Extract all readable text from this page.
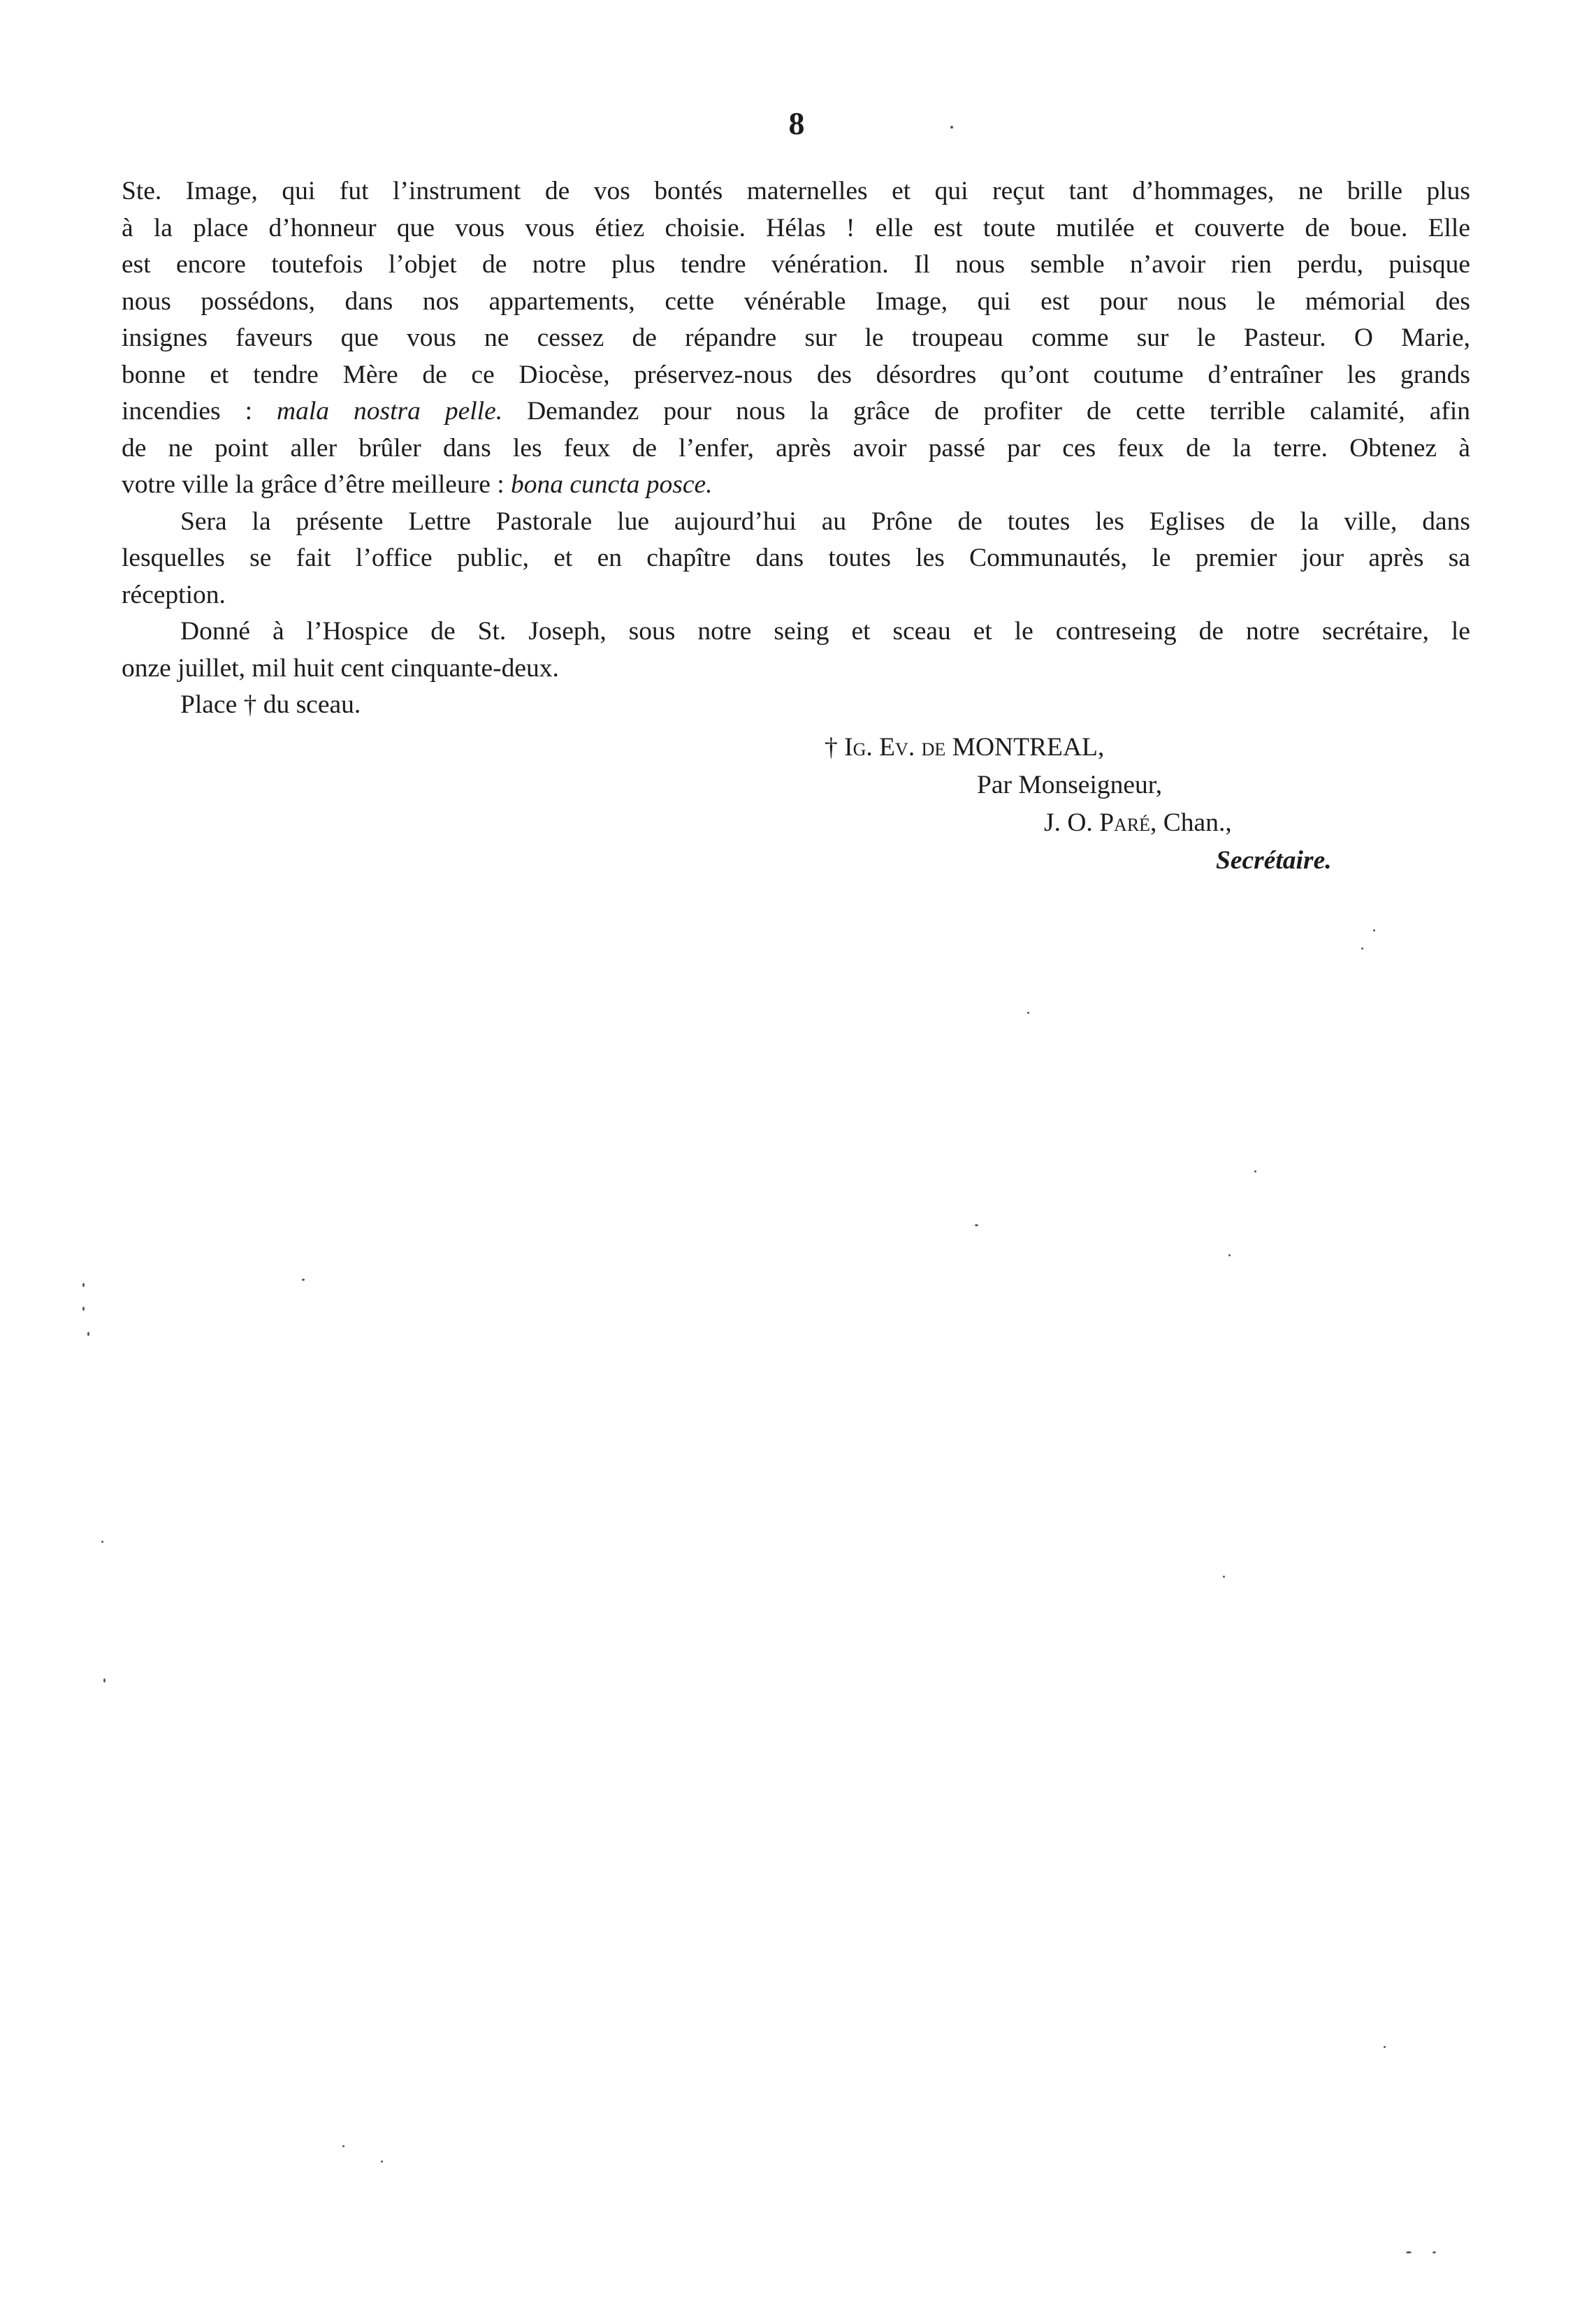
8
Ste. Image, qui fut l’instrument de vos bontés maternelles et qui reçut tant d’hommages, ne brille plus
à la place d’honneur que vous vous étiez choisie. Hélas ! elle est toute mutilée et couverte de boue. Elle
est encore toutefois l’objet de notre plus tendre vénération. Il nous semble n’avoir rien perdu, puisque
nous possédons, dans nos appartements, cette vénérable Image, qui est pour nous le mémorial des
insignes faveurs que vous ne cessez de répandre sur le troupeau comme sur le Pasteur. O Marie,
bonne et tendre Mère de ce Diocèse, préservez-nous des désordres qu’ont coutume d’entraîner les grands
incendies : mala nostra pelle. Demandez pour nous la grâce de profiter de cette terrible calamité, afin
de ne point aller brûler dans les feux de l’enfer, après avoir passé par ces feux de la terre. Obtenez à
votre ville la grâce d’être meilleure : bona cuncta posce.
Sera la présente Lettre Pastorale lue aujourd’hui au Prône de toutes les Eglises de la ville, dans
lesquelles se fait l’office public, et en chapître dans toutes les Communautés, le premier jour après sa
réception.
Donné à l’Hospice de St. Joseph, sous notre seing et sceau et le contreseing de notre secrétaire, le
onze juillet, mil huit cent cinquante-deux.
Place † du sceau.
† Ig. Ev. de MONTREAL,
Par Monseigneur,
J. O. Paré, Chan.,
Secrétaire.
